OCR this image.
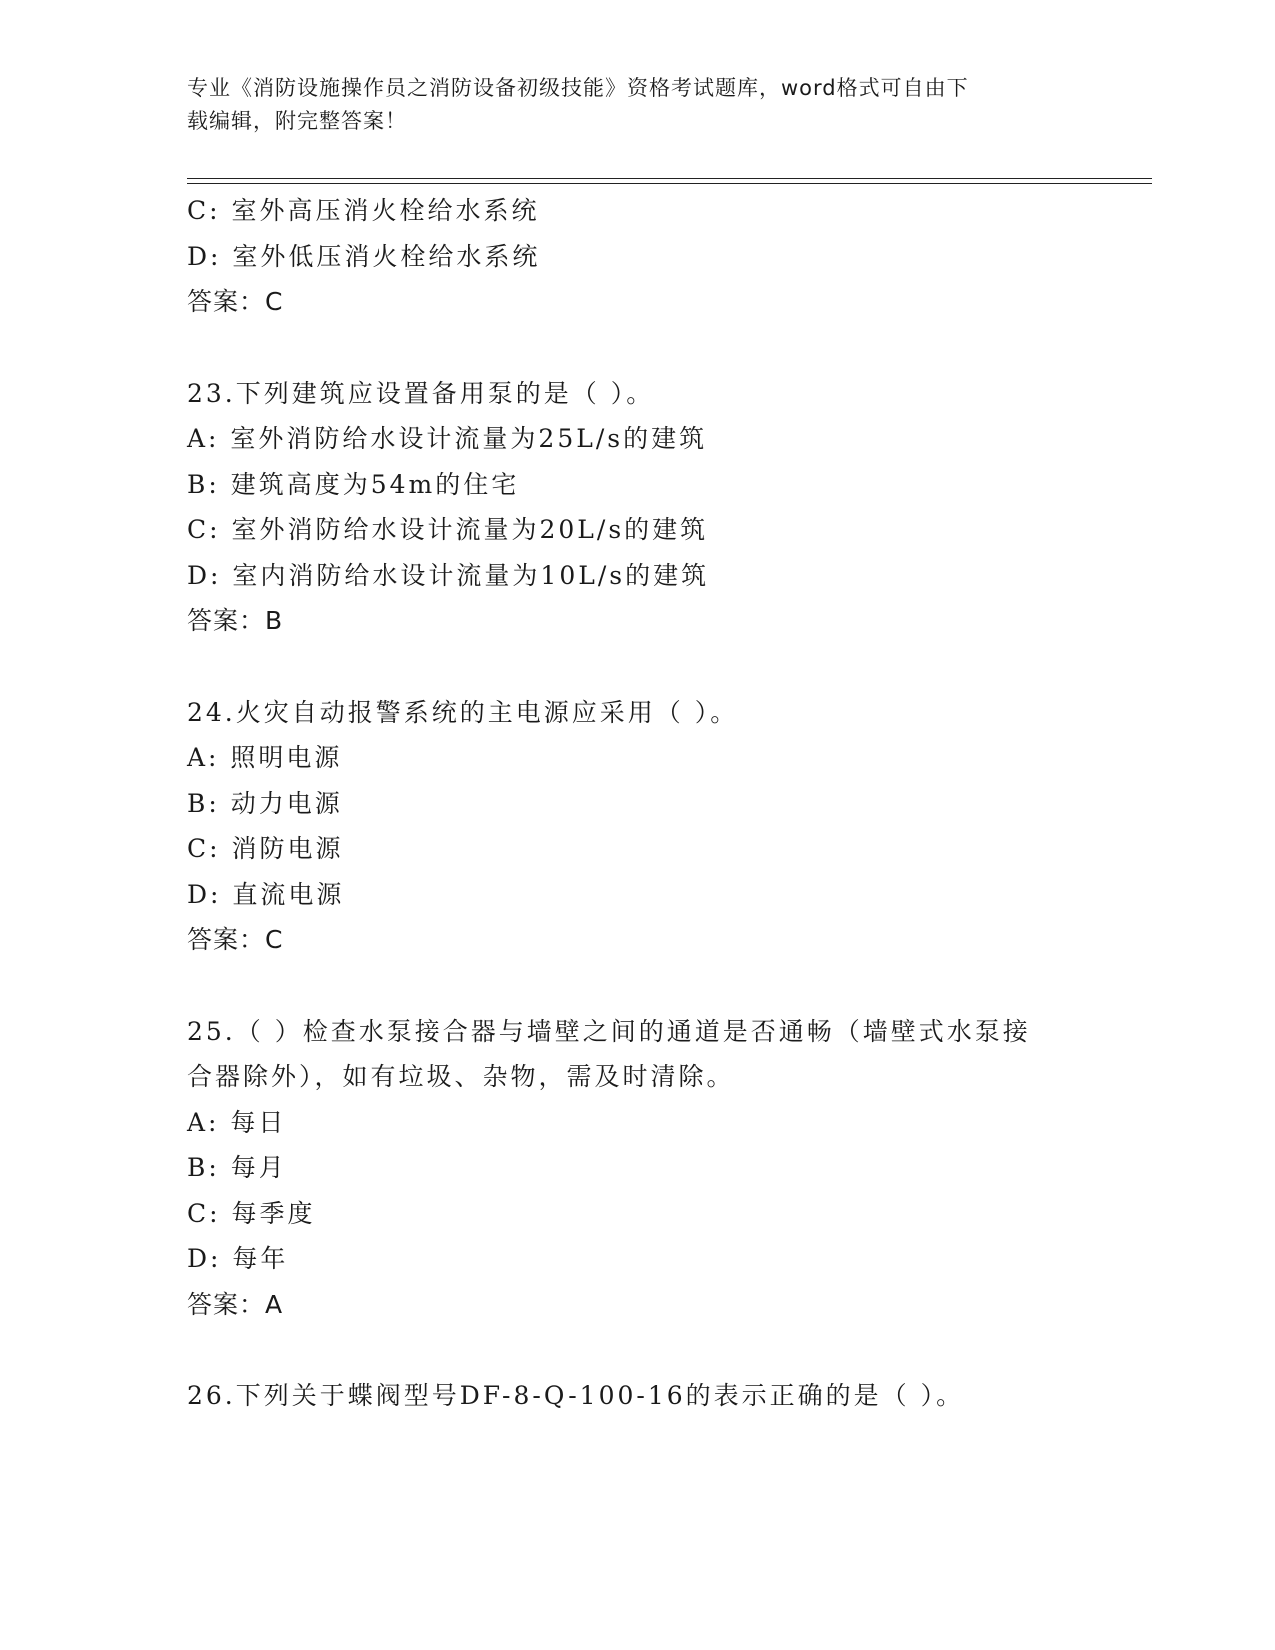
专业《消防设施操作员之消防设备初级技能》资格考试题库，word格式可自由下
载编辑，附完整答案！
C: 室外高压消火栓给水系统
D: 室外低压消火栓给水系统
答案：C
23.下列建筑应设置备用泵的是（ ）。
A: 室外消防给水设计流量为25L/s的建筑
B: 建筑高度为54m的住宅
C: 室外消防给水设计流量为20L/s的建筑
D: 室内消防给水设计流量为10L/s的建筑
答案：B
24.火灾自动报警系统的主电源应采用（ ）。
A: 照明电源
B: 动力电源
C: 消防电源
D: 直流电源
答案：C
25.（ ）检查水泵接合器与墙壁之间的通道是否通畅（墙壁式水泵接
合器除外），如有垃圾、杂物，需及时清除。
A: 每日
B: 每月
C: 每季度
D: 每年
答案：A
26.下列关于蝶阀型号DF-8-Q-100-16的表示正确的是（ ）。
